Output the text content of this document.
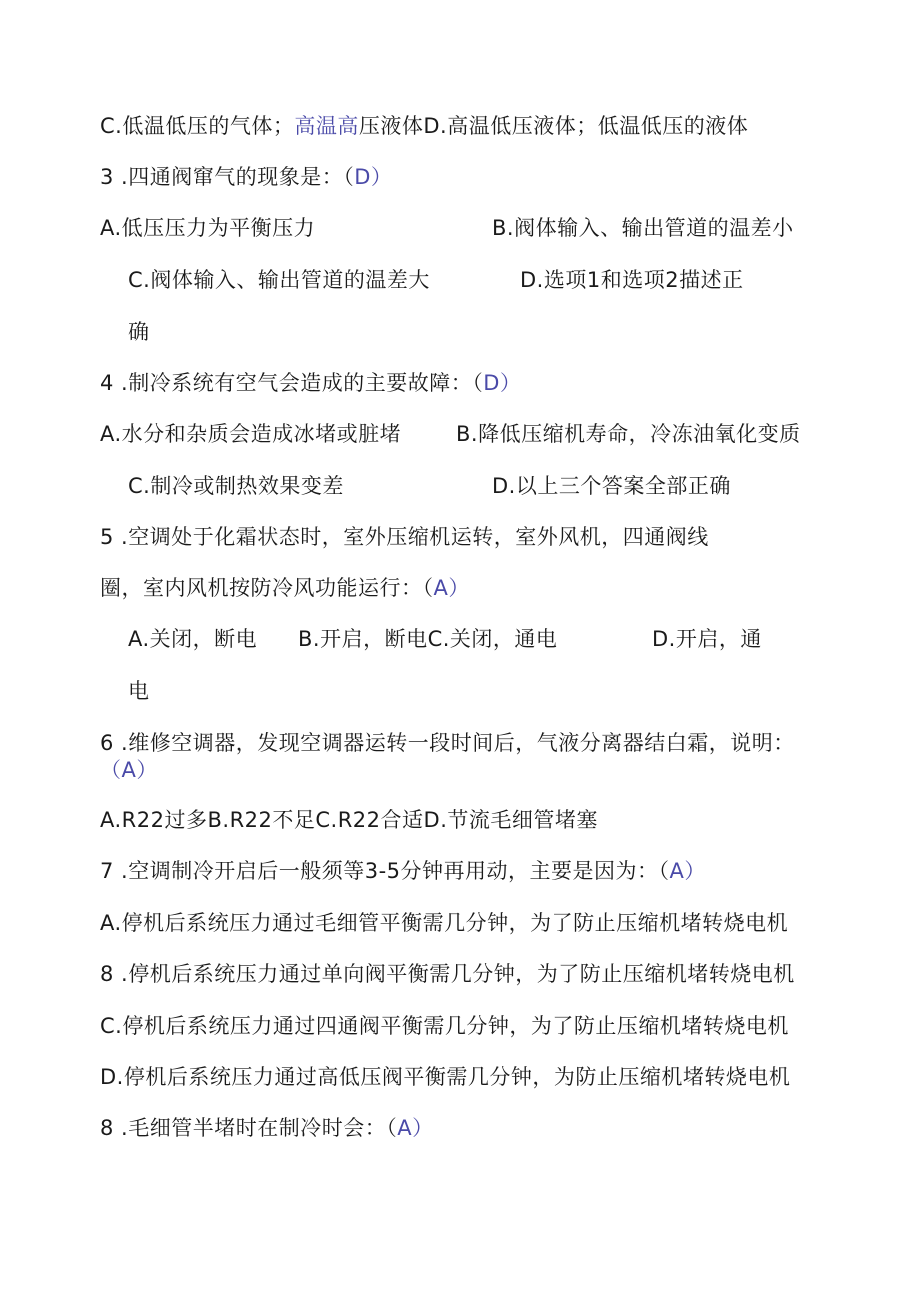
C.低温低压的气体；高温高压液体D.高温低压液体；低温低压的液体
3 .四通阀窜气的现象是：（D）
A.低压压力为平衡压力	B.阀体输入、输出管道的温差小
C.阀体输入、输出管道的温差大	D.选项1和选项2描述正
确
4 .制冷系统有空气会造成的主要故障：（D）
A.水分和杂质会造成冰堵或脏堵	B.降低压缩机寿命，冷冻油氧化变质
C.制冷或制热效果变差	D.以上三个答案全部正确
5 .空调处于化霜状态时，室外压缩机运转，室外风机，四通阀线
圈，室内风机按防冷风功能运行：（A）
A.关闭，断电 B.开启，断电C.关闭，通电	D.开启，通
电
6 .维修空调器，发现空调器运转一段时间后，气液分离器结白霜，说明：
（A）
A.R22过多B.R22不足C.R22合适D.节流毛细管堵塞
7 .空调制冷开启后一般须等3-5分钟再用动，主要是因为：（A）
A.停机后系统压力通过毛细管平衡需几分钟，为了防止压缩机堵转烧电机
8 .停机后系统压力通过单向阀平衡需几分钟，为了防止压缩机堵转烧电机
C.停机后系统压力通过四通阀平衡需几分钟，为了防止压缩机堵转烧电机
D.停机后系统压力通过高低压阀平衡需几分钟，为防止压缩机堵转烧电机
8 .毛细管半堵时在制冷时会：（A）
